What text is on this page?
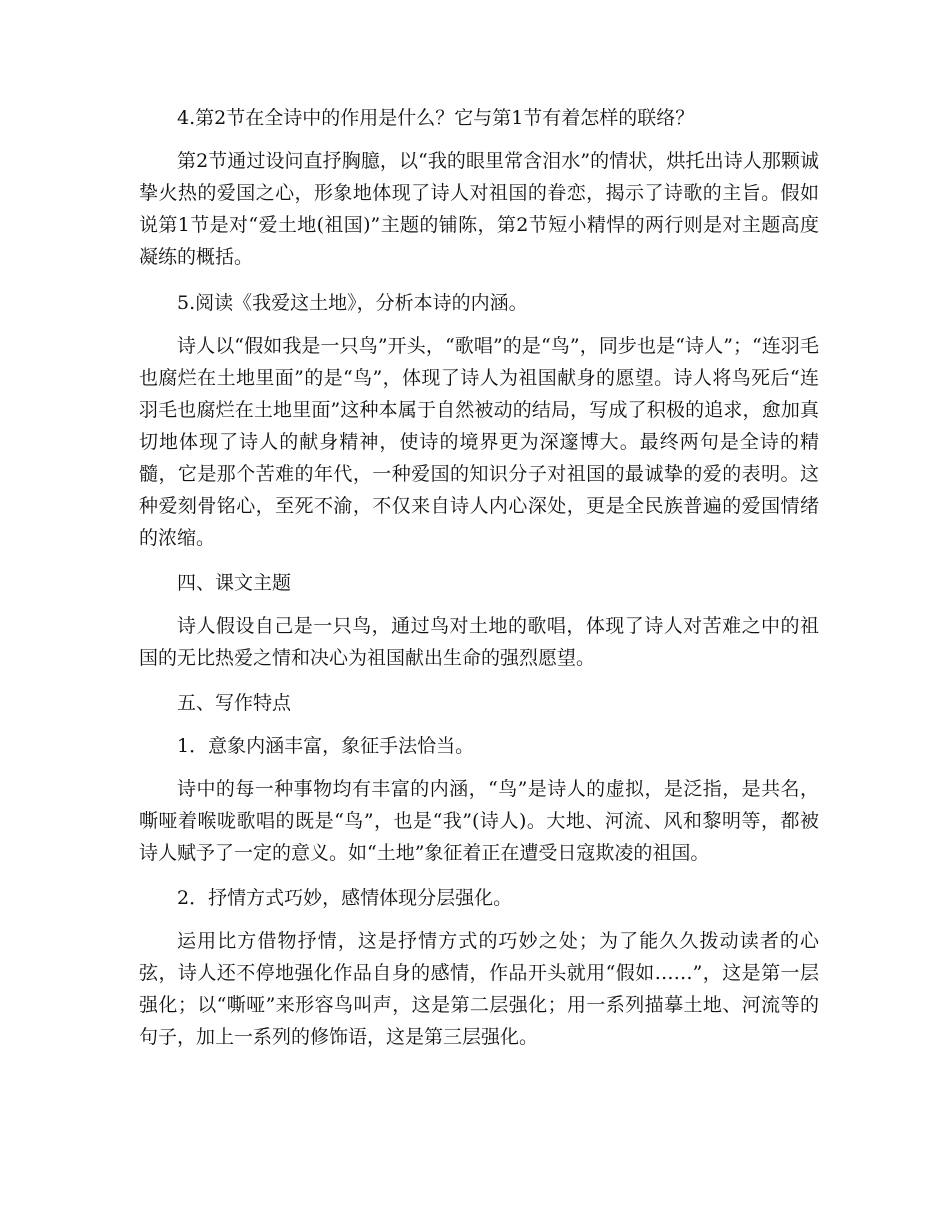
4.第2节在全诗中的作用是什么？它与第1节有着怎样的联络？

第2节通过设问直抒胸臆，以“我的眼里常含泪水”的情状，烘托出诗人那颗诚挚火热的爱国之心，形象地体现了诗人对祖国的眷恋，揭示了诗歌的主旨。假如说第1节是对“爱土地(祖国)”主题的铺陈，第2节短小精悍的两行则是对主题高度凝练的概括。

5.阅读《我爱这土地》，分析本诗的内涵。

诗人以“假如我是一只鸟”开头，“歌唱”的是“鸟”，同步也是“诗人”；“连羽毛也腐烂在土地里面”的是“鸟”，体现了诗人为祖国献身的愿望。诗人将鸟死后“连羽毛也腐烂在土地里面”这种本属于自然被动的结局，写成了积极的追求，愈加真切地体现了诗人的献身精神，使诗的境界更为深邃博大。最终两句是全诗的精髓，它是那个苦难的年代，一种爱国的知识分子对祖国的最诚挚的爱的表明。这种爱刻骨铭心，至死不渝，不仅来自诗人内心深处，更是全民族普遍的爱国情绪的浓缩。

四、课文主题

诗人假设自己是一只鸟，通过鸟对土地的歌唱，体现了诗人对苦难之中的祖国的无比热爱之情和决心为祖国献出生命的强烈愿望。

五、写作特点

1．意象内涵丰富，象征手法恰当。

诗中的每一种事物均有丰富的内涵，“鸟”是诗人的虚拟，是泛指，是共名，嘶哑着喉咙歌唱的既是“鸟”，也是“我”(诗人)。大地、河流、风和黎明等，都被诗人赋予了一定的意义。如“土地”象征着正在遭受日寇欺凌的祖国。

2．抒情方式巧妙，感情体现分层强化。

运用比方借物抒情，这是抒情方式的巧妙之处；为了能久久拨动读者的心弦，诗人还不停地强化作品自身的感情，作品开头就用“假如……”，这是第一层强化；以“嘶哑”来形容鸟叫声，这是第二层强化；用一系列描摹土地、河流等的句子，加上一系列的修饰语，这是第三层强化。
